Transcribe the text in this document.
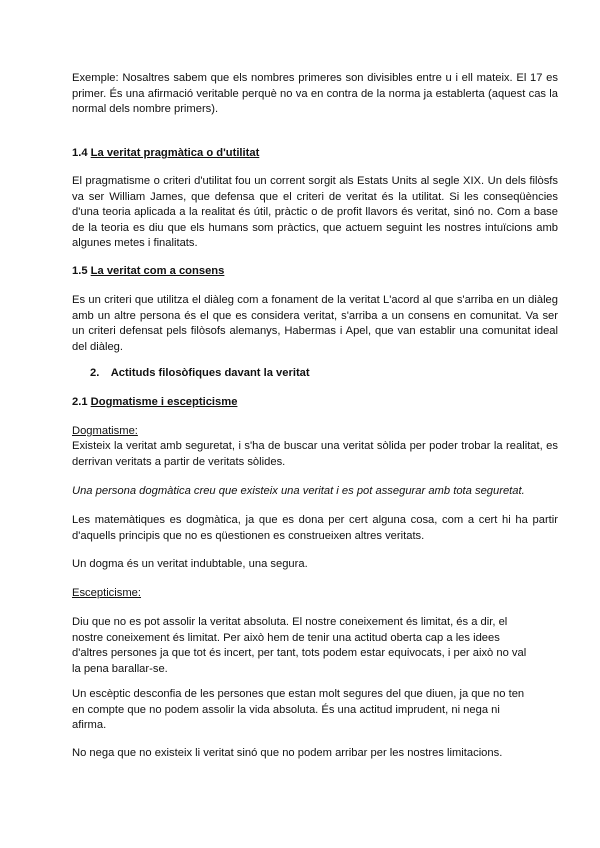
Exemple: Nosaltres sabem que els nombres primeres son divisibles entre u i ell mateix. El 17 es primer. És una afirmació veritable perquè no va en contra de la norma ja establerta (aquest cas la normal dels nombre primers).

1.4 La veritat pragmàtica o d'utilitat

El pragmatisme o criteri d'utilitat fou un corrent sorgit als Estats Units al segle XIX. Un dels filòsfs va ser William James, que defensa que el criteri de veritat és la utilitat. Si les conseqüències d'una teoria aplicada a la realitat és útil, pràctic o de profit llavors és veritat, sinó no. Com a base de la teoria es diu que els humans som pràctics, que actuem seguint les nostres intuïcions amb algunes metes i finalitats.

1.5 La veritat com a consens

Es un criteri que utilitza el diàleg com a fonament de la veritat L'acord al que s'arriba en un diàleg amb un altre persona és el que es considera veritat, s'arriba a un consens en comunitat. Va ser un criteri defensat pels filòsofs alemanys, Habermas i Apel, que van establir una comunitat ideal del diàleg.

2. Actituds filosòfiques davant la veritat
2.1 Dogmatisme i escepticisme
Dogmatisme:

Existeix la veritat amb seguretat, i s'ha de buscar una veritat sòlida per poder trobar la realitat, es derrivan veritats a partir de veritats sòlides.

Una persona dogmàtica creu que existeix una veritat i es pot assegurar amb tota seguretat.

Les matemàtiques es dogmàtica, ja que es dona per cert alguna cosa, com a cert hi ha partir d'aquells principis que no es qüestionen es construeixen altres veritats.

Un dogma és un veritat indubtable, una segura.

Escepticisme:
Diu que no es pot assolir la veritat absoluta. El nostre coneixement és limitat, és a dir, el
nostre coneixement és limitat. Per això hem de tenir una actitud oberta cap a les idees
d'altres persones ja que tot és incert, per tant, tots podem estar equivocats, i per això no val
la pena barallar-se.
Un escèptic desconfia de les persones que estan molt segures del que diuen, ja que no ten
en compte que no podem assolir la vida absoluta. És una actitud imprudent, ni nega ni
afirma.

No nega que no existeix li veritat sinó que no podem arribar per les nostres limitacions.
